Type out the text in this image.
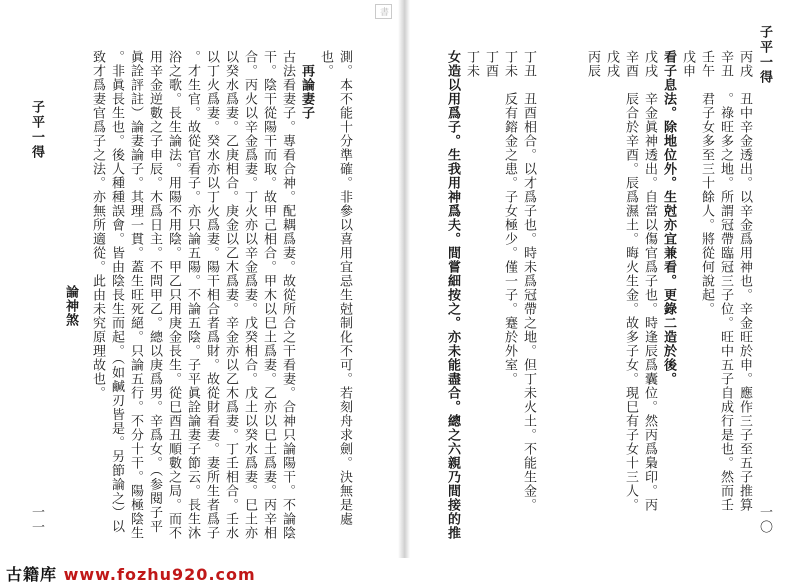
子平一得
一〇
丙戌　丑中辛金透出。以辛金爲用神也。辛金旺於申。應作三子至五子推算
辛丑　。祿旺多之地。所謂冠帶臨冠三子位。旺中五子自成行是也。然而壬
壬午　君子女多至三十餘人。將從何說起。
戊申
看子息法。除地位外。生尅亦宜兼看。更錄二造於後。
戊戌　辛金眞神透出。自當以傷官爲子也。時逢辰爲囊位。然丙爲梟印。丙
辛酉　辰合於辛酉。辰爲濕土。晦火生金。故多子女。現巳有子女十三人。
戊戌
丙辰
丁丑　丑酉相合。以才爲子也。時未爲冠帶之地。但丁未火土。不能生金。
丁未　反有鎔金之患。子女極少。僅一子。蹇於外室。
丁酉
丁未
女造以用爲子。生我用神爲夫。間嘗細按之。亦未能盡合。總之六親乃間接的推
書
測。本不能十分準確。非參以喜用宜忌生尅制化不可。若刻舟求劍。決無是處
也。
　再論妻子
古法看妻子。專看合神。配耦爲妻。故從所合之干看妻。合神只論陽干。不論陰
干。陰干從陽干而取。故甲己相合。甲木以巳土爲妻。乙亦以巳土爲妻。丙辛相
合。丙火以辛金爲妻。丁火亦以辛金爲妻。戊癸相合。戊土以癸水爲妻。巳土亦
以癸水爲妻。乙庚相合。庚金以乙木爲妻。辛金亦以乙木爲妻。丁壬相合。壬水
以丁火爲妻。癸水亦以丁火爲妻。陽干相合者爲財。故從財看妻。妻所生者爲子
。才生官。故從官看子。亦只論五陽。不論五陰。子平眞詮論妻子節云。長生沐
浴之歌。長生論法。用陽不用陰。甲乙只用庚金長生。從巳酉丑順數之局。而不
用辛金逆數之子申辰。木爲日主。不問甲乙。總以庚爲男。辛爲女。（参閱子平
眞詮評註）論妻論子。其理一貫。蓋生旺死絕。只論五行。不分十干。陽極陰生
。非眞長生也。後人種種誤會。皆由陰長生而起。（如鹹刃皆是。另節論之）以
致才爲妻官爲子之法。亦無所適從。此由未究原理故也。
論神煞
子平一得
一一
古籍库 www.fozhu920.com
